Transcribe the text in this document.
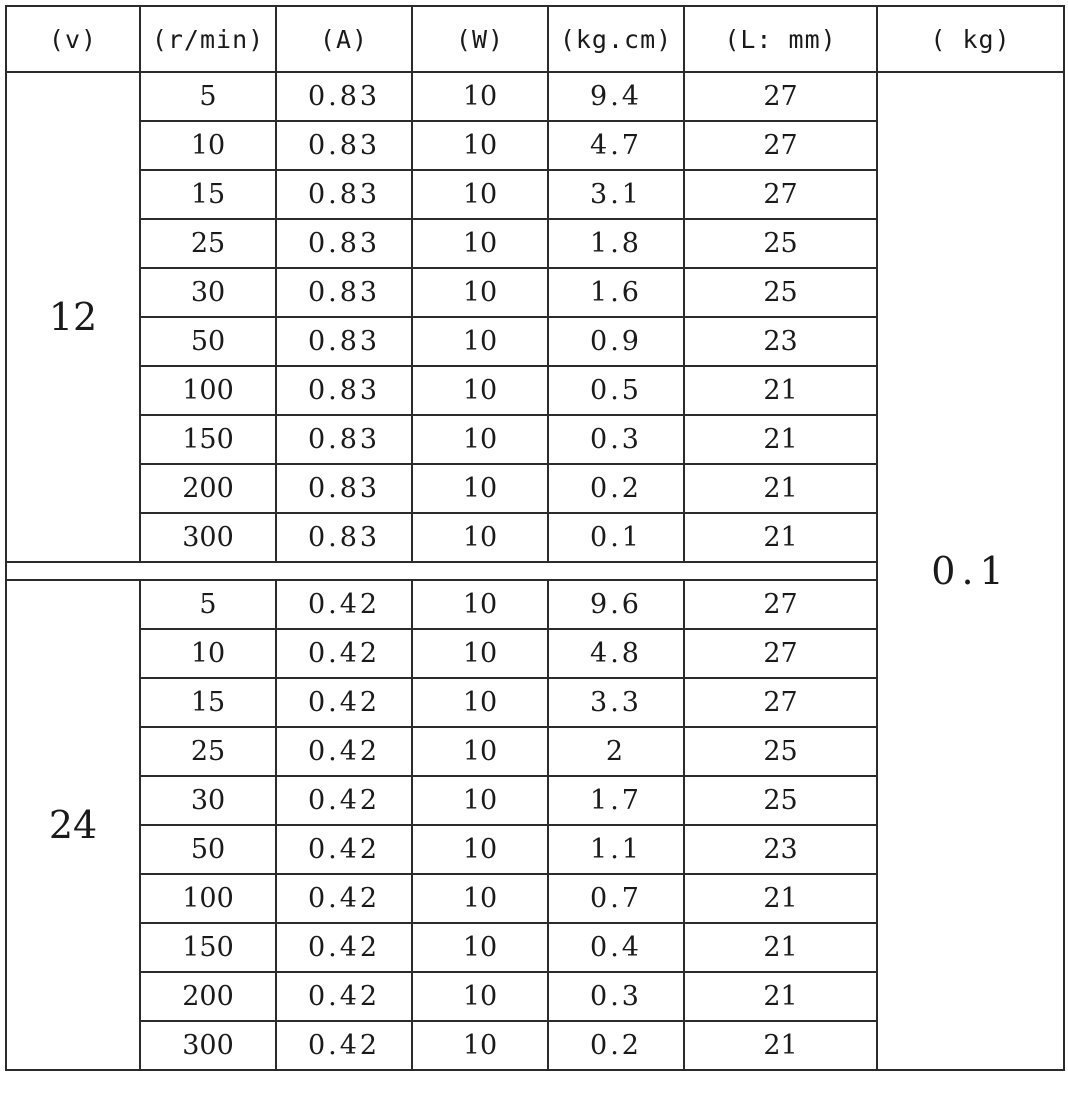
(v)	(r/min)	(A)	(W)	(kg.cm)	(L: mm)	( kg)
12	5	0.83	10	9.4	27	0.1
	10	0.83	10	4.7	27	
	15	0.83	10	3.1	27	
	25	0.83	10	1.8	25	
	30	0.83	10	1.6	25	
	50	0.83	10	0.9	23	
	100	0.83	10	0.5	21	
	150	0.83	10	0.3	21	
	200	0.83	10	0.2	21	
	300	0.83	10	0.1	21	

24	5	0.42	10	9.6	27	
	10	0.42	10	4.8	27	
	15	0.42	10	3.3	27	
	25	0.42	10	2	25	
	30	0.42	10	1.7	25	
	50	0.42	10	1.1	23	
	100	0.42	10	0.7	21	
	150	0.42	10	0.4	21	
	200	0.42	10	0.3	21	
	300	0.42	10	0.2	21	
